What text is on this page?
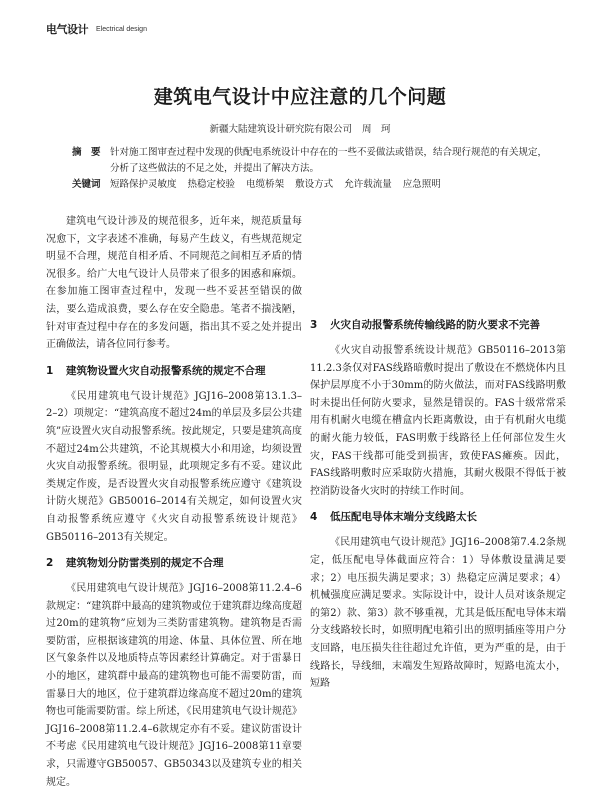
电气设计 Electrical design
建筑电气设计中应注意的几个问题
新疆大陆建筑设计研究院有限公司 周　珂
摘　要 针对施工图审查过程中发现的供配电系统设计中存在的一些不妥做法或错误，结合现行规范的有关规定，分析了这些做法的不足之处，并提出了解决方法。
关键词 短路保护灵敏度 热稳定校验 电缆桥架 敷设方式 允许载流量 应急照明

建筑电气设计涉及的规范很多，近年来，规范质量每况愈下，文字表述不准确，每易产生歧义，有些规范规定明显不合理，规范自相矛盾、不同规范之间相互矛盾的情况很多。给广大电气设计人员带来了很多的困惑和麻烦。在参加施工图审查过程中，发现一些不妥甚至错误的做法，要么造成浪费，要么存在安全隐患。笔者不揣浅陋，针对审查过程中存在的多发问题，指出其不妥之处并提出正确做法，请各位同行参考。

1	建筑物设置火灾自动报警系统的规定不合理

《民用建筑电气设计规范》JGJ16–2008第13.1.3–2–2）项规定：“建筑高度不超过24m的单层及多层公共建筑”应设置火灾自动报警系统。按此规定，只要是建筑高度不超过24m公共建筑，不论其规模大小和用途，均须设置火灾自动报警系统。很明显，此项规定多有不妥。建议此类规定作废，是否设置火灾自动报警系统应遵守《建筑设计防火规范》GB50016–2014有关规定，如何设置火灾自动报警系统应遵守《火灾自动报警系统设计规范》GB50116–2013有关规定。

2	建筑物划分防雷类别的规定不合理

《民用建筑电气设计规范》JGJ16–2008第11.2.4–6款规定：“建筑群中最高的建筑物或位于建筑群边缘高度超过20m的建筑物”应划为三类防雷建筑物。建筑物是否需要防雷，应根据该建筑的用途、体量、具体位置、所在地区气象条件以及地质特点等因素经计算确定。对于雷暴日小的地区，建筑群中最高的建筑物也可能不需要防雷，而雷暴日大的地区，位于建筑群边缘高度不超过20m的建筑物也可能需要防雷。综上所述，《民用建筑电气设计规范》JGJ16–2008第11.2.4–6款规定亦有不妥。建议防雷设计不考虑《民用建筑电气设计规范》JGJ16–2008第11章要求，只需遵守GB50057、GB50343以及建筑专业的相关规定。

3	火灾自动报警系统传输线路的防火要求不完善

《火灾自动报警系统设计规范》GB50116–2013第11.2.3条仅对FAS线路暗敷时提出了敷设在不燃烧体内且保护层厚度不小于30mm的防火做法，而对FAS线路明敷时未提出任何防火要求，显然是错误的。FAS十级常常采用有机耐火电缆在槽盒内长距离敷设，由于有机耐火电缆的耐火能力较低，FAS明敷于线路径上任何部位发生火灾，FAS干线都可能受到损害，致使FAS瘫痪。因此，FAS线路明敷时应采取防火措施，其耐火极限不得低于被控消防设备火灾时的持续工作时间。

4	低压配电导体末端分支线路太长

《民用建筑电气设计规范》JGJ16–2008第7.4.2条规定，低压配电导体截面应符合：1）导体敷设量满足要求；2）电压损失满足要求；3）热稳定应满足要求；4）机械强度应满足要求。实际设计中，设计人员对该条规定的第2）款、第3）款不够重视，尤其是低压配电导体末端分支线路较长时，如照明配电箱引出的照明插座等用户分支回路，电压损失往往超过允许值，更为严重的是，由于线路长，导线细，末端发生短路故障时，短路电流太小，短路
